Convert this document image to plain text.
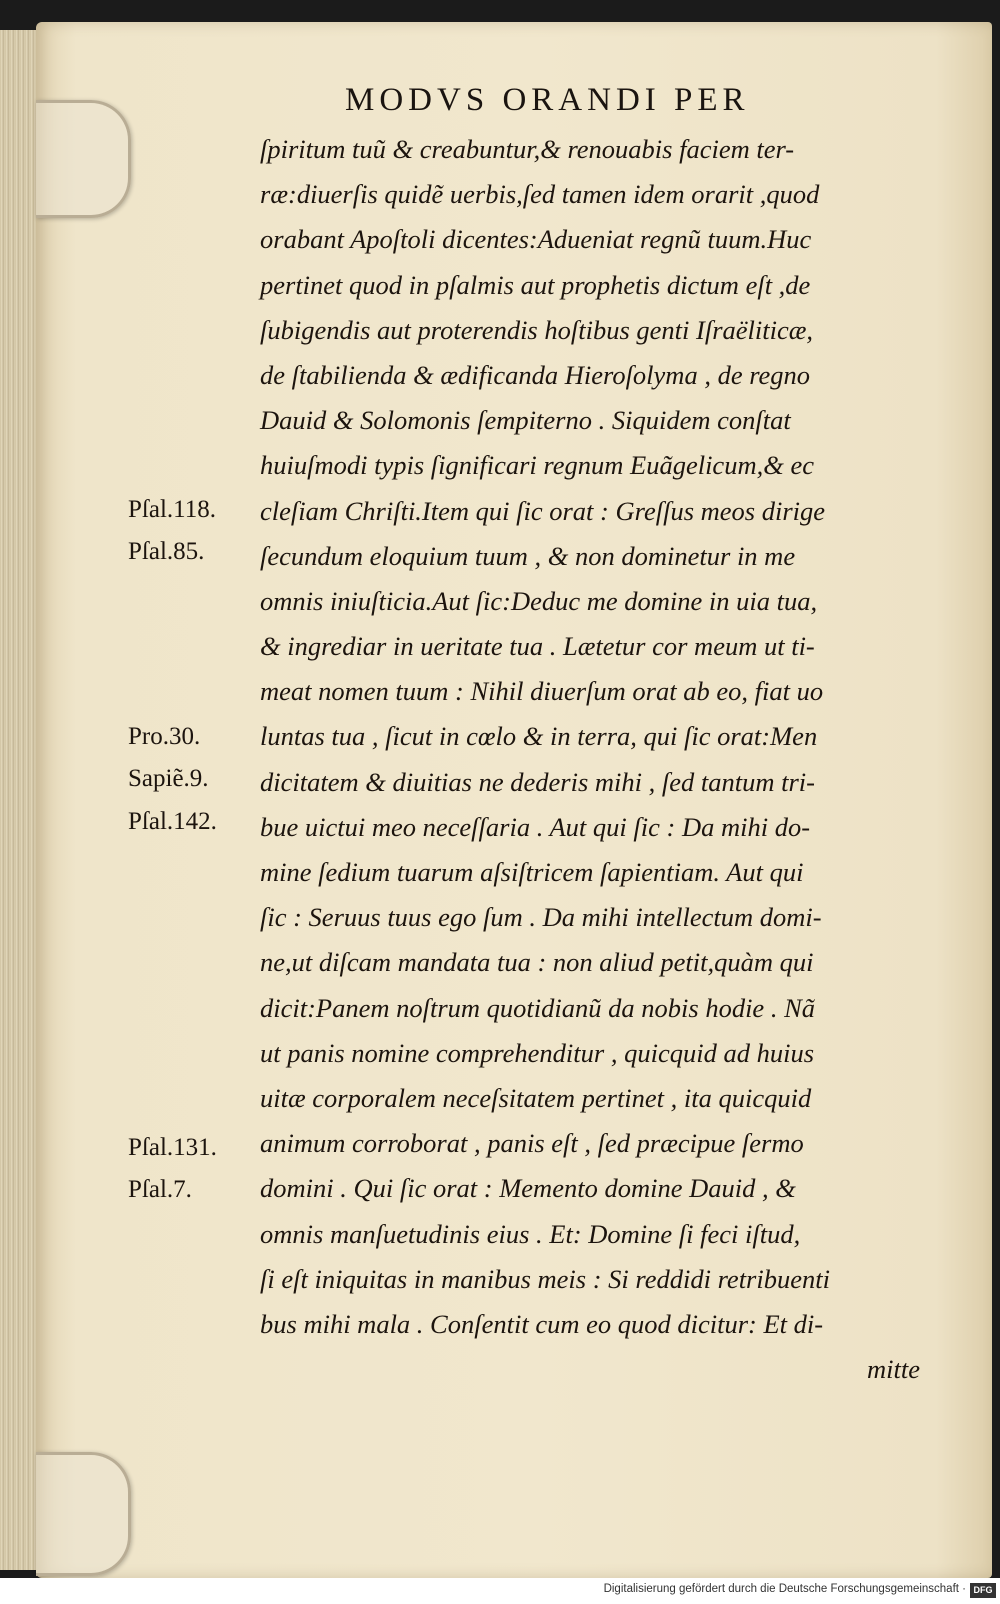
MODVS ORANDI PER
ſpiritum tuũ & creabuntur,& renouabis faciem ter-
ræ:diuerſis quidẽ uerbis,ſed tamen idem orarit ,quod
orabant Apoſtoli dicentes:Adueniat regnũ tuum.Huc
pertinet quod in pſalmis aut prophetis dictum eſt ,de
ſubigendis aut proterendis hoſtibus genti Iſraëliticæ,
de ſtabilienda & ædificanda Hieroſolyma , de regno
Dauid & Solomonis ſempiterno . Siquidem conſtat
huiuſmodi typis ſignificari regnum Euãgelicum,& ec
cleſiam Chriſti.Item qui ſic orat : Greſſus meos dirige
ſecundum eloquium tuum , & non dominetur in me
omnis iniuſticia.Aut ſic:Deduc me domine in uia tua,
& ingrediar in ueritate tua . Lætetur cor meum ut ti-
meat nomen tuum : Nihil diuerſum orat ab eo, fiat uo
luntas tua , ſicut in cœlo & in terra, qui ſic orat:Men
dicitatem & diuitias ne dederis mihi , ſed tantum tri-
bue uictui meo neceſſaria . Aut qui ſic : Da mihi do-
mine ſedium tuarum aſsiſtricem ſapientiam. Aut qui
ſic : Seruus tuus ego ſum . Da mihi intellectum domi-
ne,ut diſcam mandata tua : non aliud petit,quàm qui
dicit:Panem noſtrum quotidianũ da nobis hodie . Nã
ut panis nomine comprehenditur , quicquid ad huius
uitæ corporalem neceſsitatem pertinet , ita quicquid
animum corroborat , panis eſt , ſed præcipue ſermo
domini . Qui ſic orat : Memento domine Dauid , &
omnis manſuetudinis eius . Et: Domine ſi feci iſtud,
ſi eſt iniquitas in manibus meis : Si reddidi retribuenti
bus mihi mala . Conſentit cum eo quod dicitur: Et di-
mitte
Pſal.118.
Pſal.85.
Pro.30.
Sapiẽ.9.
Pſal.142.
Pſal.131.
Pſal.7.
Digitalisierung gefördert durch die Deutsche Forschungsgemeinschaft · DFG
